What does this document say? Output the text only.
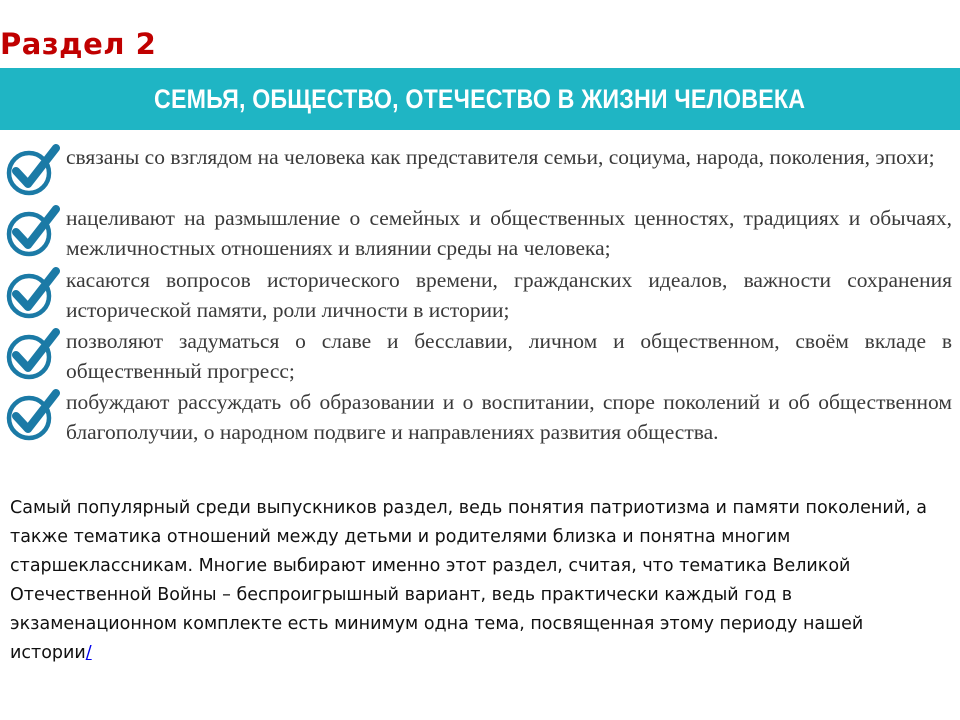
Раздел 2
СЕМЬЯ, ОБЩЕСТВО, ОТЕЧЕСТВО В ЖИЗНИ ЧЕЛОВЕКА
связаны со взглядом на человека как представителя семьи, социума, народа, поколения, эпохи;
нацеливают на размышление о семейных и общественных ценностях, традициях и обычаях, межличностных отношениях и влиянии среды на человека;
касаются вопросов исторического времени, гражданских идеалов, важности сохранения исторической памяти, роли личности в истории;
позволяют задуматься о славе и бесславии, личном и общественном, своём вкладе в общественный прогресс;
побуждают рассуждать об образовании и о воспитании, споре поколений и об общественном благополучии, о народном подвиге и направлениях развития общества.
Самый популярный среди выпускников раздел, ведь понятия патриотизма и памяти поколений, а также тематика отношений между детьми и родителями близка и понятна многим старшеклассникам. Многие выбирают именно этот раздел, считая, что тематика Великой Отечественной Войны – беспроигрышный вариант, ведь практически каждый год в экзаменационном комплекте есть минимум одна тема, посвященная этому периоду нашей истории/
